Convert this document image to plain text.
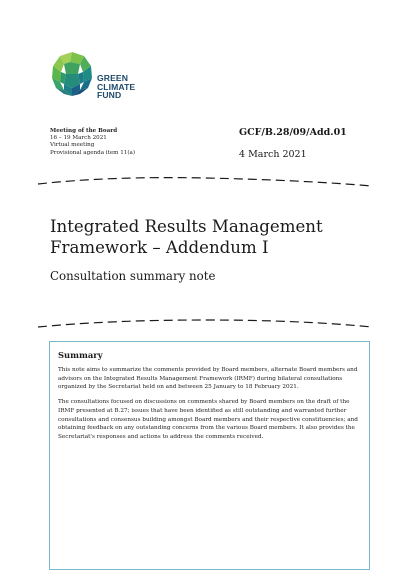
GREEN
CLIMATE
FUND
Meeting of the Board
16 – 19 March 2021
Virtual meeting
Provisional agenda item 11(a)
GCF/B.28/09/Add.01
4 March 2021
Integrated Results Management Framework – Addendum I
Consultation summary note
Summary

This note aims to summarize the comments provided by Board members, alternate Board members and advisors on the Integrated Results Management Framework (IRMF) during bilateral consultations organized by the Secretariat held on and between 25 January to 18 February 2021.

The consultations focused on discussions on comments shared by Board members on the draft of the IRMF presented at B.27; issues that have been identified as still outstanding and warranted further consultations and consensus building amongst Board members and their respective constituencies; and obtaining feedback on any outstanding concerns from the various Board members. It also provides the Secretariat's responses and actions to address the comments received.
